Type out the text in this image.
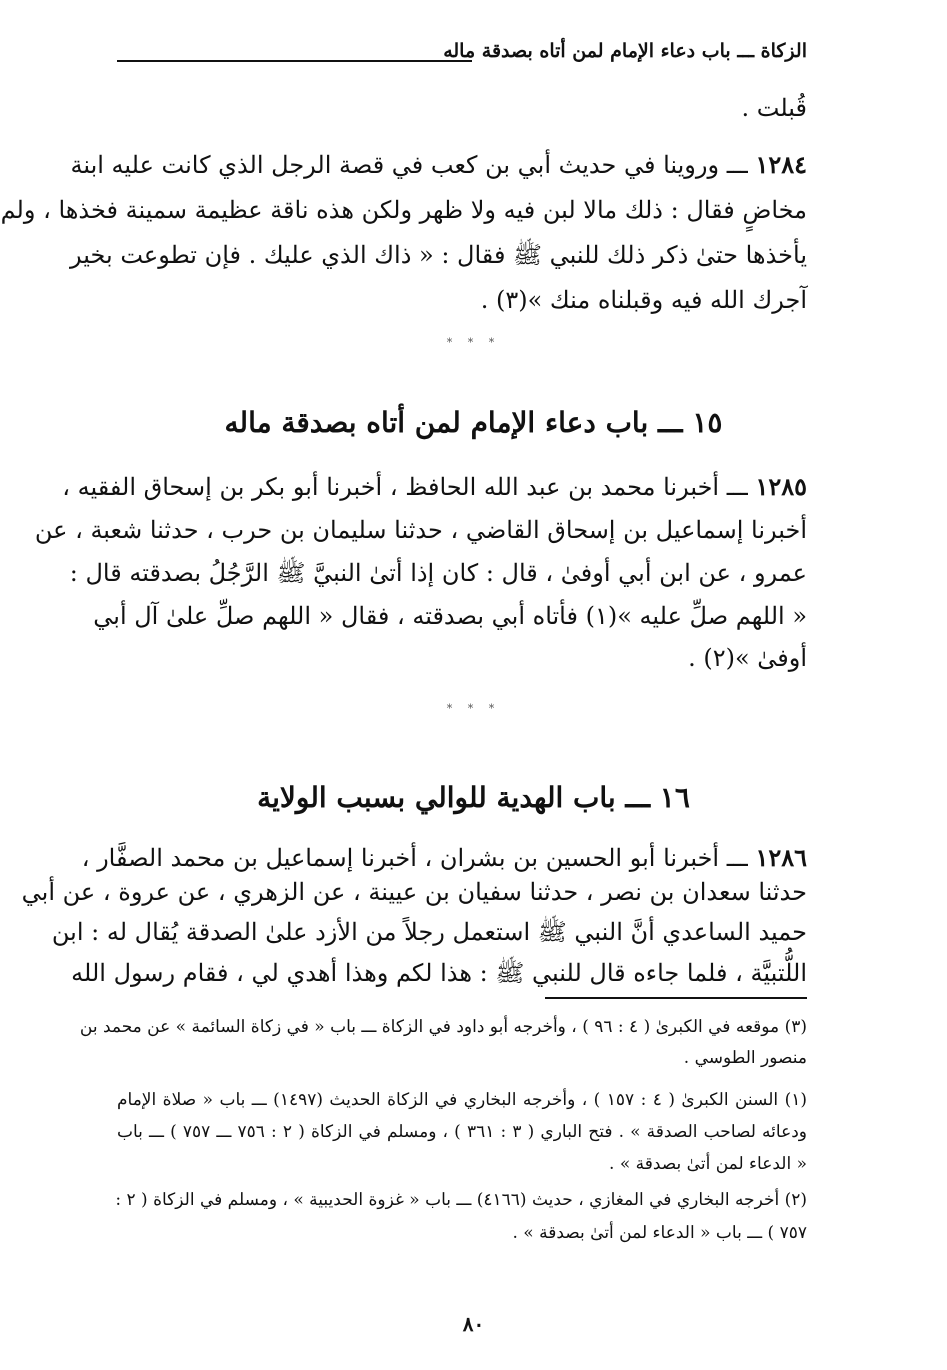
الزكاة ـــ باب دعاء الإمام لمن أتاه بصدقة ماله
قُبلت .
١٢٨٤ ـــ وروينا في حديث أبي بن كعب في قصة الرجل الذي كانت عليه ابنة
مخاضٍ فقال : ذلك مالا لبن فيه ولا ظهر ولكن هذه ناقة عظيمة سمينة فخذها ، ولم
يأخذها حتىٰ ذكر ذلك للنبي ﷺ فقال : « ذاك الذي عليك . فإن تطوعت بخير
آجرك الله فيه وقبلناه منك »(٣) .
* * *
١٥ ـــ باب دعاء الإمام لمن أتاه بصدقة ماله
١٢٨٥ ـــ أخبرنا محمد بن عبد الله الحافظ ، أخبرنا أبو بكر بن إسحاق الفقيه ،
أخبرنا إسماعيل بن إسحاق القاضي ، حدثنا سليمان بن حرب ، حدثنا شعبة ، عن
عمرو ، عن ابن أبي أوفىٰ ، قال : كان إذا أتىٰ النبيَّ ﷺ الرَّجُلُ بصدقته قال :
« اللهم صلِّ عليه »(١) فأتاه أبي بصدقته ، فقال « اللهم صلِّ علىٰ آل أبي
أوفىٰ »(٢) .
* * *
١٦ ـــ باب الهدية للوالي بسبب الولاية
١٢٨٦ ـــ أخبرنا أبو الحسين بن بشران ، أخبرنا إسماعيل بن محمد الصفَّار ،
حدثنا سعدان بن نصر ، حدثنا سفيان بن عيينة ، عن الزهري ، عن عروة ، عن أبي
حميد الساعدي أنَّ النبي ﷺ استعمل رجلاً من الأزد علىٰ الصدقة يُقال له : ابن
اللُّتبيَّة ، فلما جاءه قال للنبي ﷺ : هذا لكم وهذا أهدي لي ، فقام رسول الله
(٣) موقعه في الكبرىٰ ( ٤ : ٩٦ ) ، وأخرجه أبو داود في الزكاة ـــ باب « في زكاة السائمة » عن محمد بن
منصور الطوسي .
(١) السنن الكبرىٰ ( ٤ : ١٥٧ ) ، وأخرجه البخاري في الزكاة الحديث (١٤٩٧) ـــ باب « صلاة الإمام
ودعائه لصاحب الصدقة » . فتح الباري ( ٣ : ٣٦١ ) ، ومسلم في الزكاة ( ٢ : ٧٥٦ ـــ ٧٥٧ ) ـــ باب
« الدعاء لمن أتىٰ بصدقة » .
(٢) أخرجه البخاري في المغازي ، حديث (٤١٦٦) ـــ باب « غزوة الحديبية » ، ومسلم في الزكاة ( ٢ :
٧٥٧ ) ـــ باب « الدعاء لمن أتىٰ بصدقة » .
٨٠
